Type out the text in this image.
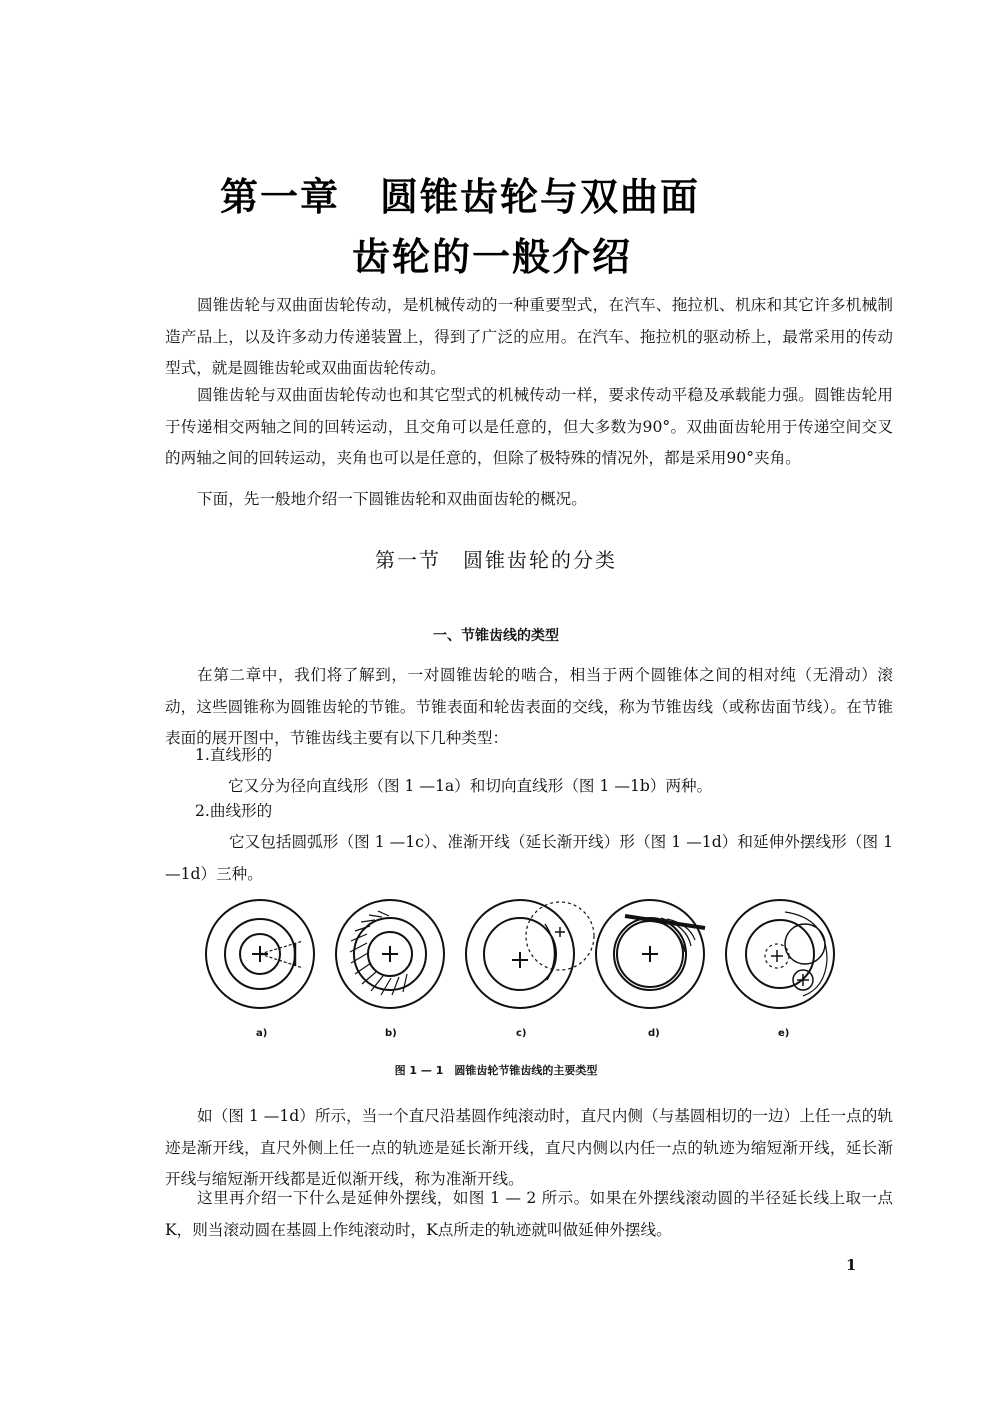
第一章　圆锥齿轮与双曲面
齿轮的一般介绍

圆锥齿轮与双曲面齿轮传动，是机械传动的一种重要型式，在汽车、拖拉机、机床和其它许多机械制造产品上，以及许多动力传递装置上，得到了广泛的应用。在汽车、拖拉机的驱动桥上，最常采用的传动型式，就是圆锥齿轮或双曲面齿轮传动。

圆锥齿轮与双曲面齿轮传动也和其它型式的机械传动一样，要求传动平稳及承载能力强。圆锥齿轮用于传递相交两轴之间的回转运动，且交角可以是任意的，但大多数为90°。双曲面齿轮用于传递空间交叉的两轴之间的回转运动，夹角也可以是任意的，但除了极特殊的情况外，都是采用90°夹角。

下面，先一般地介绍一下圆锥齿轮和双曲面齿轮的概况。

第一节　圆锥齿轮的分类
一、节锥齿线的类型

在第二章中，我们将了解到，一对圆锥齿轮的啮合，相当于两个圆锥体之间的相对纯（无滑动）滚动，这些圆锥称为圆锥齿轮的节锥。节锥表面和轮齿表面的交线，称为节锥齿线（或称齿面节线）。在节锥表面的展开图中，节锥齿线主要有以下几种类型：

1.直线形的

它又分为径向直线形（图 1 —1a）和切向直线形（图 1 —1b）两种。

2.曲线形的

它又包括圆弧形（图 1 —1c）、准渐开线（延长渐开线）形（图 1 —1d）和延伸外摆线形（图 1 —1d）三种。

a)	b)	c)	d)	e)
图 1 — 1　圆锥齿轮节锥齿线的主要类型

如（图 1 —1d）所示，当一个直尺沿基圆作纯滚动时，直尺内侧（与基圆相切的一边）上任一点的轨迹是渐开线，直尺外侧上任一点的轨迹是延长渐开线，直尺内侧以内任一点的轨迹为缩短渐开线，延长渐开线与缩短渐开线都是近似渐开线，称为准渐开线。

这里再介绍一下什么是延伸外摆线，如图 1 — 2 所示。如果在外摆线滚动圆的半径延长线上取一点K，则当滚动圆在基圆上作纯滚动时，K点所走的轨迹就叫做延伸外摆线。

1
